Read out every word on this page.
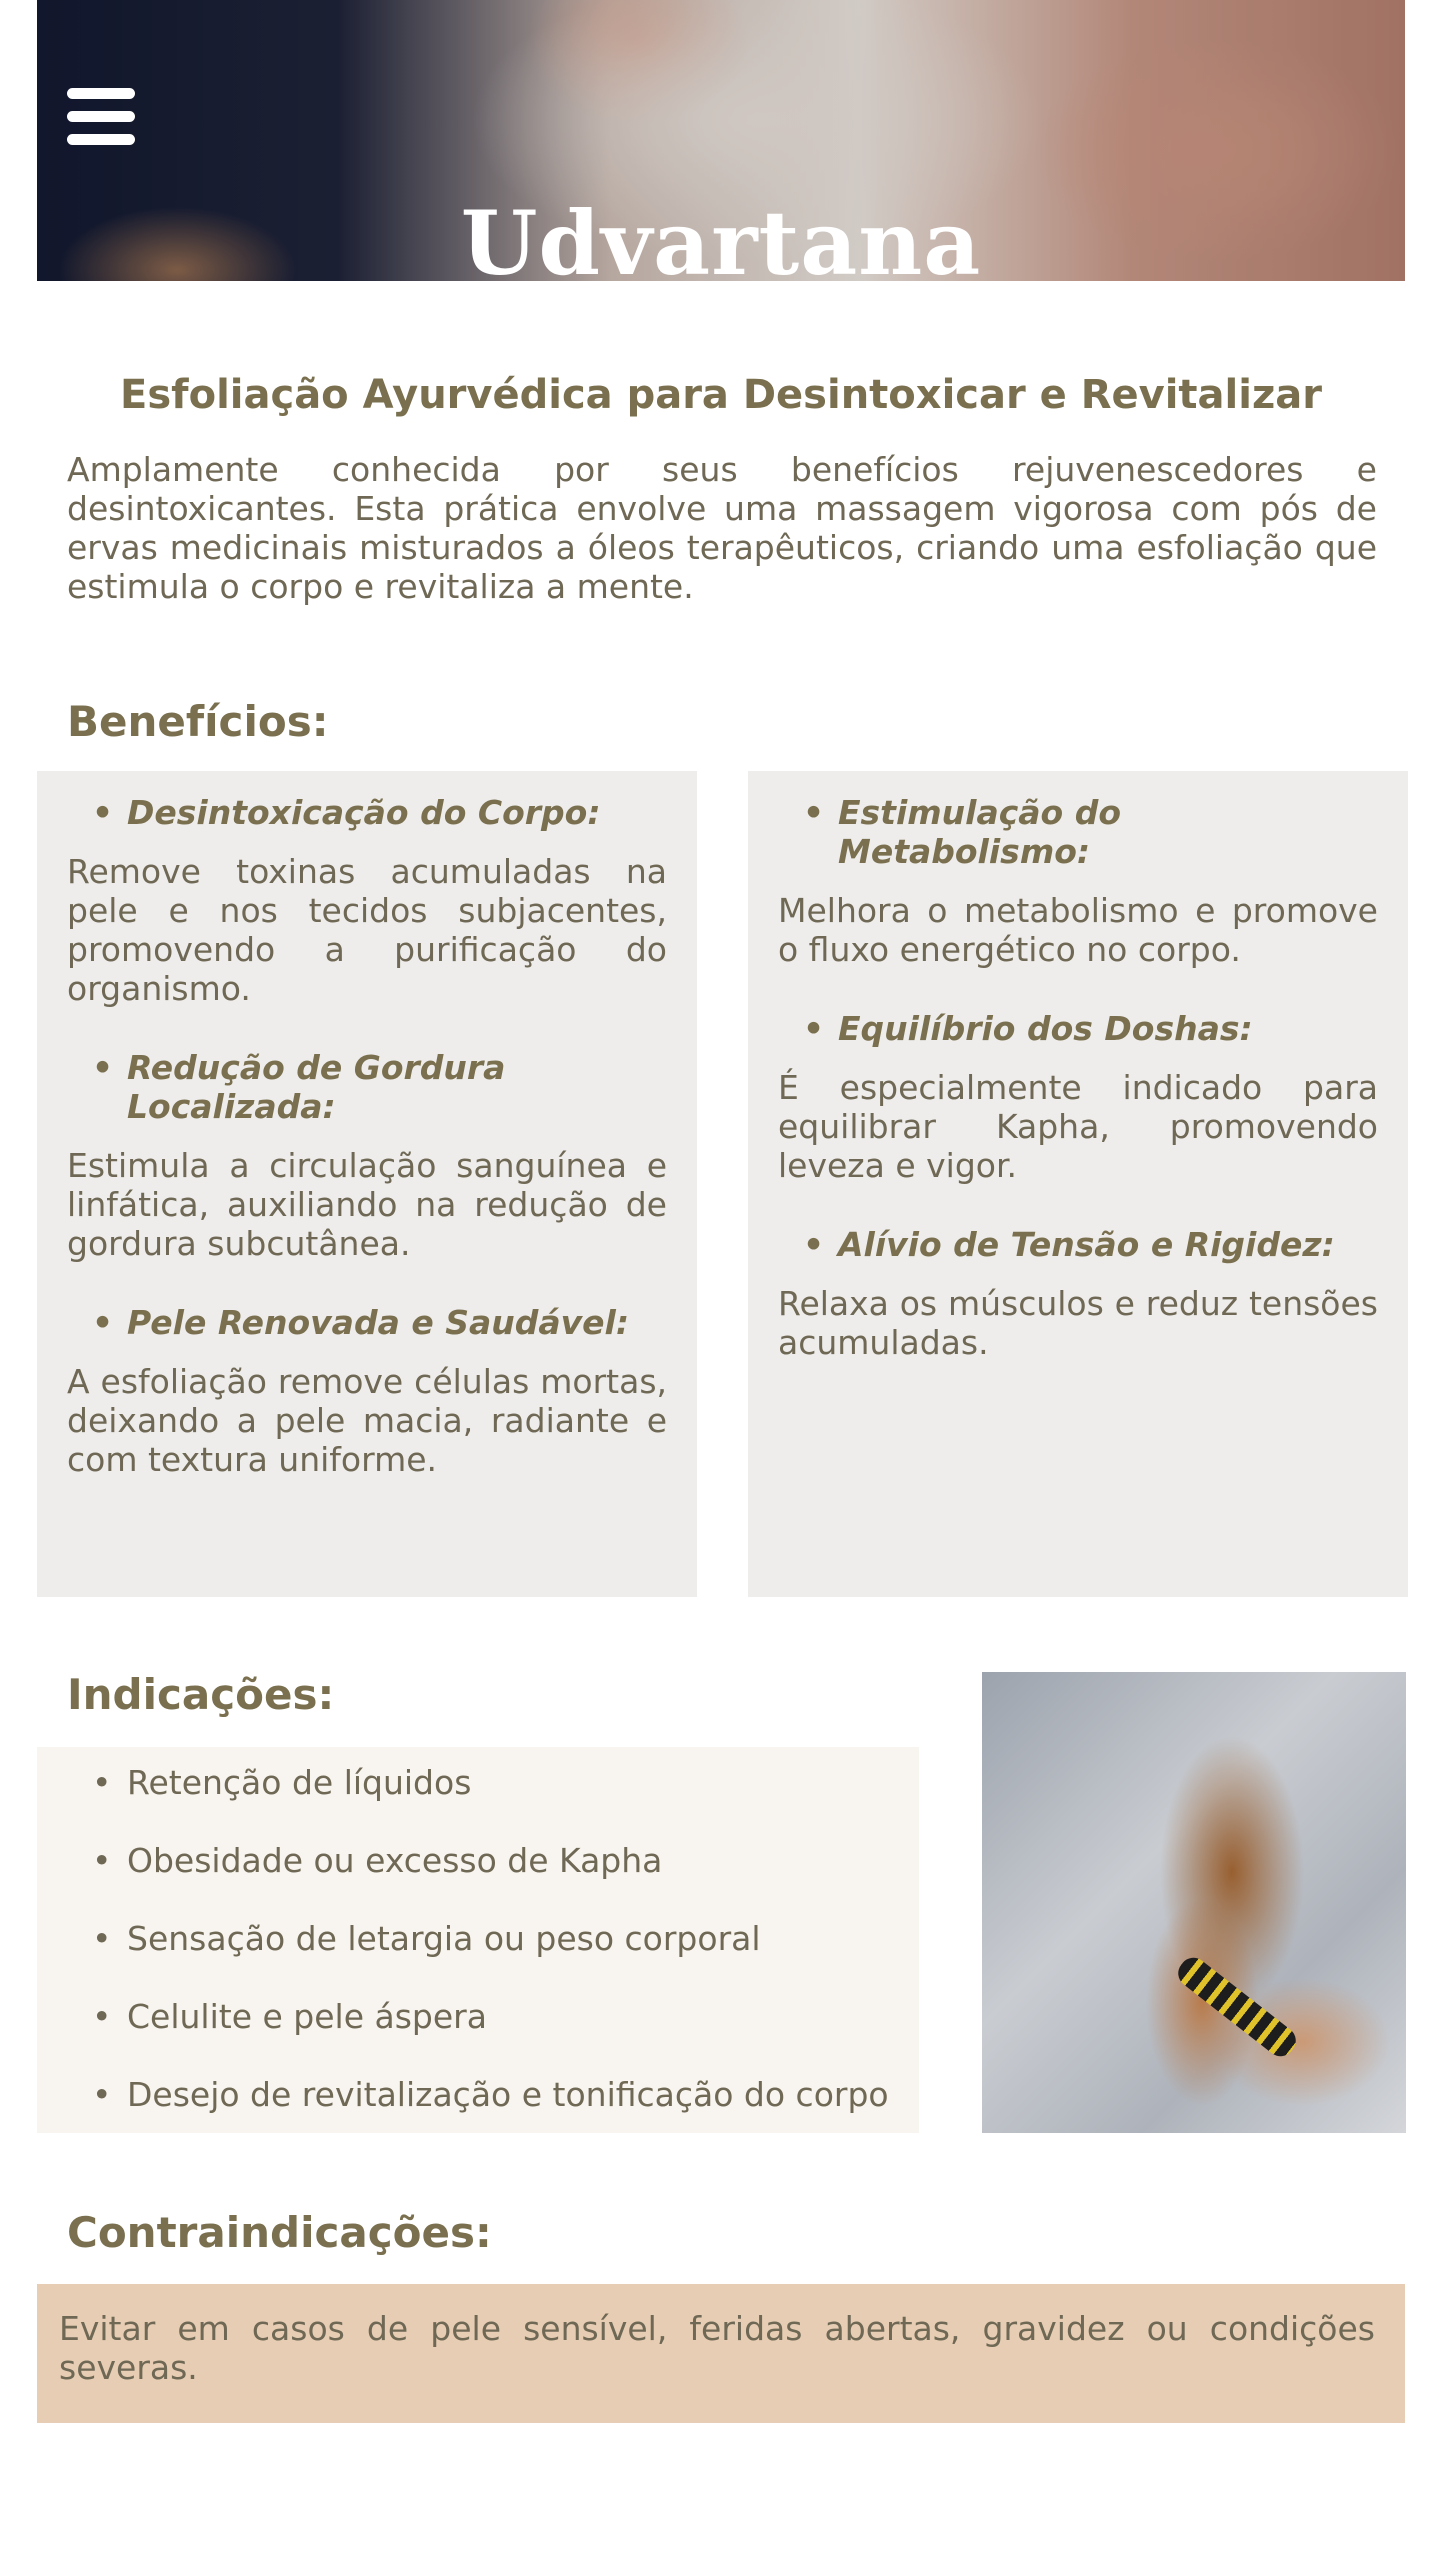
Udvartana
Esfoliação Ayurvédica para Desintoxicar e Revitalizar

Amplamente conhecida por seus benefícios rejuvenescedores e desintoxicantes. Esta prática envolve uma massagem vigorosa com pós de ervas medicinais misturados a óleos terapêuticos, criando uma esfoliação que estimula o corpo e revitaliza a mente.

Benefícios:
• Desintoxicação do Corpo:

Remove toxinas acumuladas na pele e nos tecidos subjacentes, promovendo a purificação do organismo.

• Redução de Gordura Localizada:

Estimula a circulação sanguínea e linfática, auxiliando na redução de gordura subcutânea.

• Pele Renovada e Saudável:

A esfoliação remove células mortas, deixando a pele macia, radiante e com textura uniforme.

• Estimulação do Metabolismo:

Melhora o metabolismo e promove o fluxo energético no corpo.

• Equilíbrio dos Doshas:

É especialmente indicado para equilibrar Kapha, promovendo leveza e vigor.

• Alívio de Tensão e Rigidez:

Relaxa os músculos e reduz tensões acumuladas.

Indicações:
• Retenção de líquidos
• Obesidade ou excesso de Kapha
• Sensação de letargia ou peso corporal
• Celulite e pele áspera
• Desejo de revitalização e tonificação do corpo
Contraindicações:

Evitar em casos de pele sensível, feridas abertas, gravidez ou condições severas.
